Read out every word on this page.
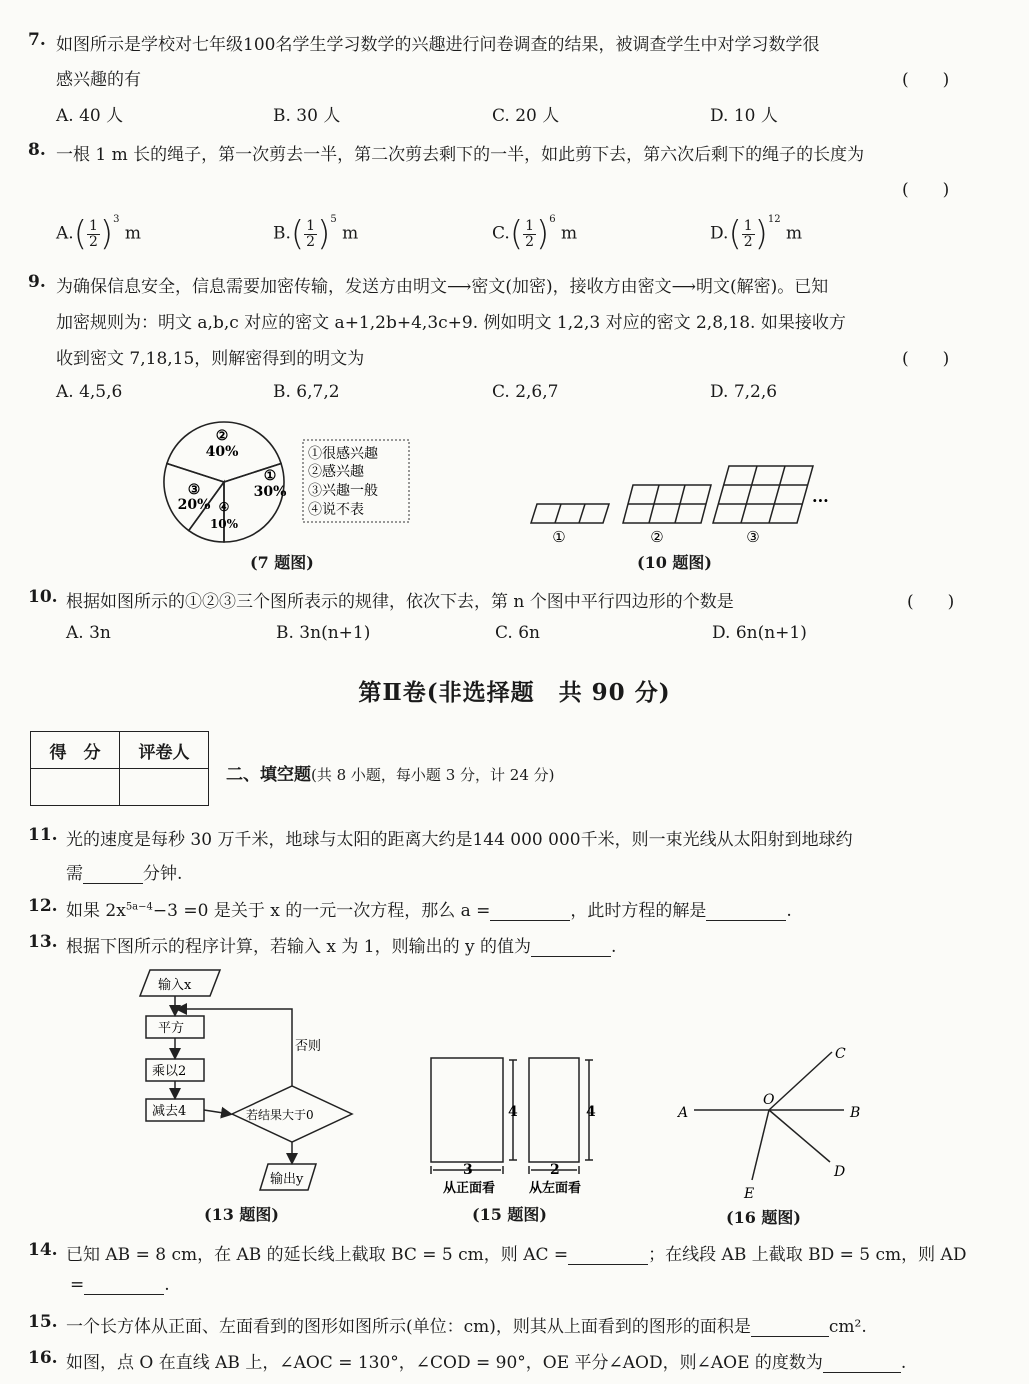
7. 如图所示是学校对七年级100名学生学习数学的兴趣进行问卷调查的结果，被调查学生中对学习数学很
感兴趣的有	(　　)
A. 40 人	B. 30 人	C. 20 人	D. 10 人
8. 一根 1 m 长的绳子，第一次剪去一半，第二次剪去剩下的一半，如此剪下去，第六次后剩下的绳子的长度为
(　　)
$A.( \frac{1}{2} )^3$ m	$B.( \frac{1}{2} )^5$ m	$C.( \frac{1}{2} )^6$ m	$D.( \frac{1}{2} )^{12}$ m
9. 为确保信息安全，信息需要加密传输，发送方由明文⟶密文(加密)，接收方由密文⟶明文(解密)。已知
加密规则为：明文 a,b,c 对应的密文 a+1,2b+4,3c+9. 例如明文 1,2,3 对应的密文 2,8,18. 如果接收方
收到密文 7,18,15，则解密得到的明文为	(　　)
A. 4,5,6	B. 6,7,2	C. 2,6,7	D. 7,2,6
②
40%
①
30%
③
20% ④
10%
①很感兴趣
②感兴趣
③兴趣一般
④说不表
(7 题图)
...
①	②	③
(10 题图)
10. 根据如图所示的①②③三个图所表示的规律，依次下去，第 n 个图中平行四边形的个数是	(　　)
A. 3n	B. 3n(n+1)	C. 6n	D. 6n(n+1)
第Ⅱ卷(非选择题　共 90 分)
得　分	评卷人

二、填空题(共 8 小题，每小题 3 分，计 24 分)
11. 光的速度是每秒 30 万千米，地球与太阳的距离大约是144 000 000千米，则一束光线从太阳射到地球约
需	分钟.
12. 如果 $2x^{5a-4}-3 =0$ 是关于 x 的一元一次方程，那么 a =	，此时方程的解是	.
13. 根据下图所示的程序计算，若输入 x 为 1，则输出的 y 的值为	.
输入x
平方
乘以2
减去4	若结果大于0
输出y
否则
(13 题图)
4	4
3	2
从正面看	从左面看
(15 题图)
A	B
C
D
E
O
(16 题图)
14. 已知 AB = 8 cm，在 AB 的延长线上截取 BC = 5 cm，则 AC =	；在线段 AB 上截取 BD = 5 cm，则 AD
=	.
15. 一个长方体从正面、左面看到的图形如图所示(单位：cm)，则其从上面看到的图形的面积是	cm².
16. 如图，点 O 在直线 AB 上，∠AOC = 130°，∠COD = 90°，OE 平分∠AOD，则∠AOE 的度数为	.
